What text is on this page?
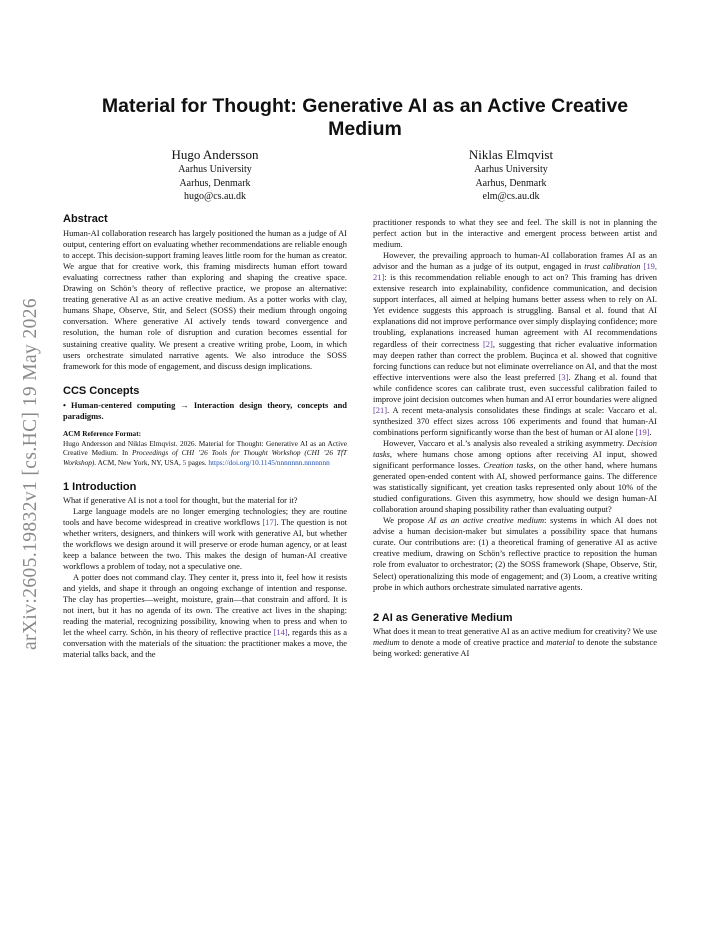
arXiv:2605.19832v1 [cs.HC] 19 May 2026
Material for Thought: Generative AI as an Active Creative Medium
Hugo Andersson
Aarhus University
Aarhus, Denmark
hugo@cs.au.dk
Niklas Elmqvist
Aarhus University
Aarhus, Denmark
elm@cs.au.dk
Abstract

Human-AI collaboration research has largely positioned the human as a judge of AI output, centering effort on evaluating whether recommendations are reliable enough to accept. This decision-support framing leaves little room for the human as creator. We argue that for creative work, this framing misdirects human effort toward evaluating correctness rather than exploring and shaping the creative space. Drawing on Schön’s theory of reflective practice, we propose an alternative: treating generative AI as an active creative medium. As a potter works with clay, humans Shape, Observe, Stir, and Select (SOSS) their medium through ongoing conversation. Where generative AI actively tends toward convergence and resolution, the human role of disruption and curation becomes essential for sustaining creative quality. We present a creative writing probe, Loom, in which users orchestrate simulated narrative agents. We also introduce the SOSS framework for this mode of engagement, and discuss design implications.

CCS Concepts

• Human-centered computing → Interaction design theory, concepts and paradigms.

ACM Reference Format:

Hugo Andersson and Niklas Elmqvist. 2026. Material for Thought: Generative AI as an Active Creative Medium. In Proceedings of CHI ’26 Tools for Thought Workshop (CHI ’26 TfT Workshop). ACM, New York, NY, USA, 5 pages. https://doi.org/10.1145/nnnnnnn.nnnnnnn

1 Introduction

What if generative AI is not a tool for thought, but the material for it?

Large language models are no longer emerging technologies; they are routine tools and have become widespread in creative workflows [17]. The question is not whether writers, designers, and thinkers will work with generative AI, but whether the workflows we design around it will preserve or erode human agency, or at least keep a balance between the two. This makes the design of human-AI creative workflows a problem of today, not a speculative one.

A potter does not command clay. They center it, press into it, feel how it resists and yields, and shape it through an ongoing exchange of intention and response. The clay has properties—weight, moisture, grain—that constrain and afford. It is not inert, but it has no agenda of its own. The creative act lives in the shaping: reading the material, recognizing possibility, knowing when to press and when to let the wheel carry. Schön, in his theory of reflective practice [14], regards this as a conversation with the materials of the situation: the practitioner makes a move, the material talks back, and the

practitioner responds to what they see and feel. The skill is not in planning the perfect action but in the interactive and emergent process between artist and medium.

However, the prevailing approach to human-AI collaboration frames AI as an advisor and the human as a judge of its output, engaged in trust calibration [19, 21]: is this recommendation reliable enough to act on? This framing has driven extensive research into explainability, confidence communication, and decision support interfaces, all aimed at helping humans better assess when to rely on AI. Yet evidence suggests this approach is struggling. Bansal et al. found that AI explanations did not improve performance over simply displaying confidence; more troubling, explanations increased human agreement with AI recommendations regardless of their correctness [2], suggesting that richer evaluative information may deepen rather than correct the problem. Buçinca et al. showed that cognitive forcing functions can reduce but not eliminate overreliance on AI, and that the most effective interventions were also the least preferred [3]. Zhang et al. found that while confidence scores can calibrate trust, even successful calibration failed to improve joint decision outcomes when human and AI error boundaries were aligned [21]. A recent meta-analysis consolidates these findings at scale: Vaccaro et al. synthesized 370 effect sizes across 106 experiments and found that human-AI combinations perform significantly worse than the best of human or AI alone [19].

However, Vaccaro et al.’s analysis also revealed a striking asymmetry. Decision tasks, where humans chose among options after receiving AI input, showed significant performance losses. Creation tasks, on the other hand, where humans generated open-ended content with AI, showed performance gains. The difference was statistically significant, yet creation tasks represented only about 10% of the studied configurations. Given this asymmetry, how should we design human-AI collaboration around shaping possibility rather than evaluating output?

We propose AI as an active creative medium: systems in which AI does not advise a human decision-maker but simulates a possibility space that humans curate. Our contributions are: (1) a theoretical framing of generative AI as active creative medium, drawing on Schön’s reflective practice to reposition the human role from evaluator to orchestrator; (2) the SOSS framework (Shape, Observe, Stir, Select) operationalizing this mode of engagement; and (3) Loom, a creative writing probe in which authors orchestrate simulated narrative agents.

2 AI as Generative Medium

What does it mean to treat generative AI as an active medium for creativity? We use medium to denote a mode of creative practice and material to denote the substance being worked: generative AI
